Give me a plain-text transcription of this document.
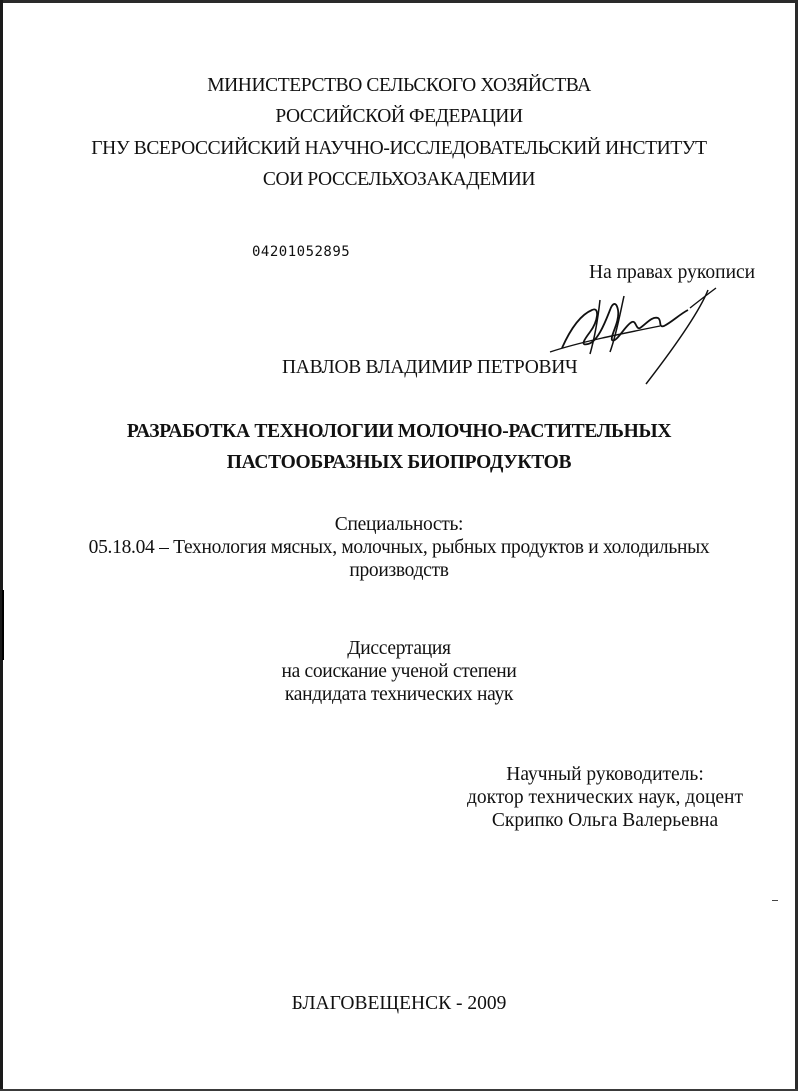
МИНИСТЕРСТВО СЕЛЬСКОГО ХОЗЯЙСТВА
РОССИЙСКОЙ ФЕДЕРАЦИИ
ГНУ ВСЕРОССИЙСКИЙ НАУЧНО-ИССЛЕДОВАТЕЛЬСКИЙ ИНСТИТУТ
СОИ РОССЕЛЬХОЗАКАДЕМИИ
04201052895
На правах рукописи
ПАВЛОВ ВЛАДИМИР ПЕТРОВИЧ
РАЗРАБОТКА ТЕХНОЛОГИИ МОЛОЧНО-РАСТИТЕЛЬНЫХ
ПАСТООБРАЗНЫХ БИОПРОДУКТОВ
Специальность:
05.18.04 – Технология мясных, молочных, рыбных продуктов и холодильных
производств
Диссертация
на соискание ученой степени
кандидата технических наук
Научный руководитель:
доктор технических наук, доцент
Скрипко Ольга Валерьевна
БЛАГОВЕЩЕНСК - 2009
